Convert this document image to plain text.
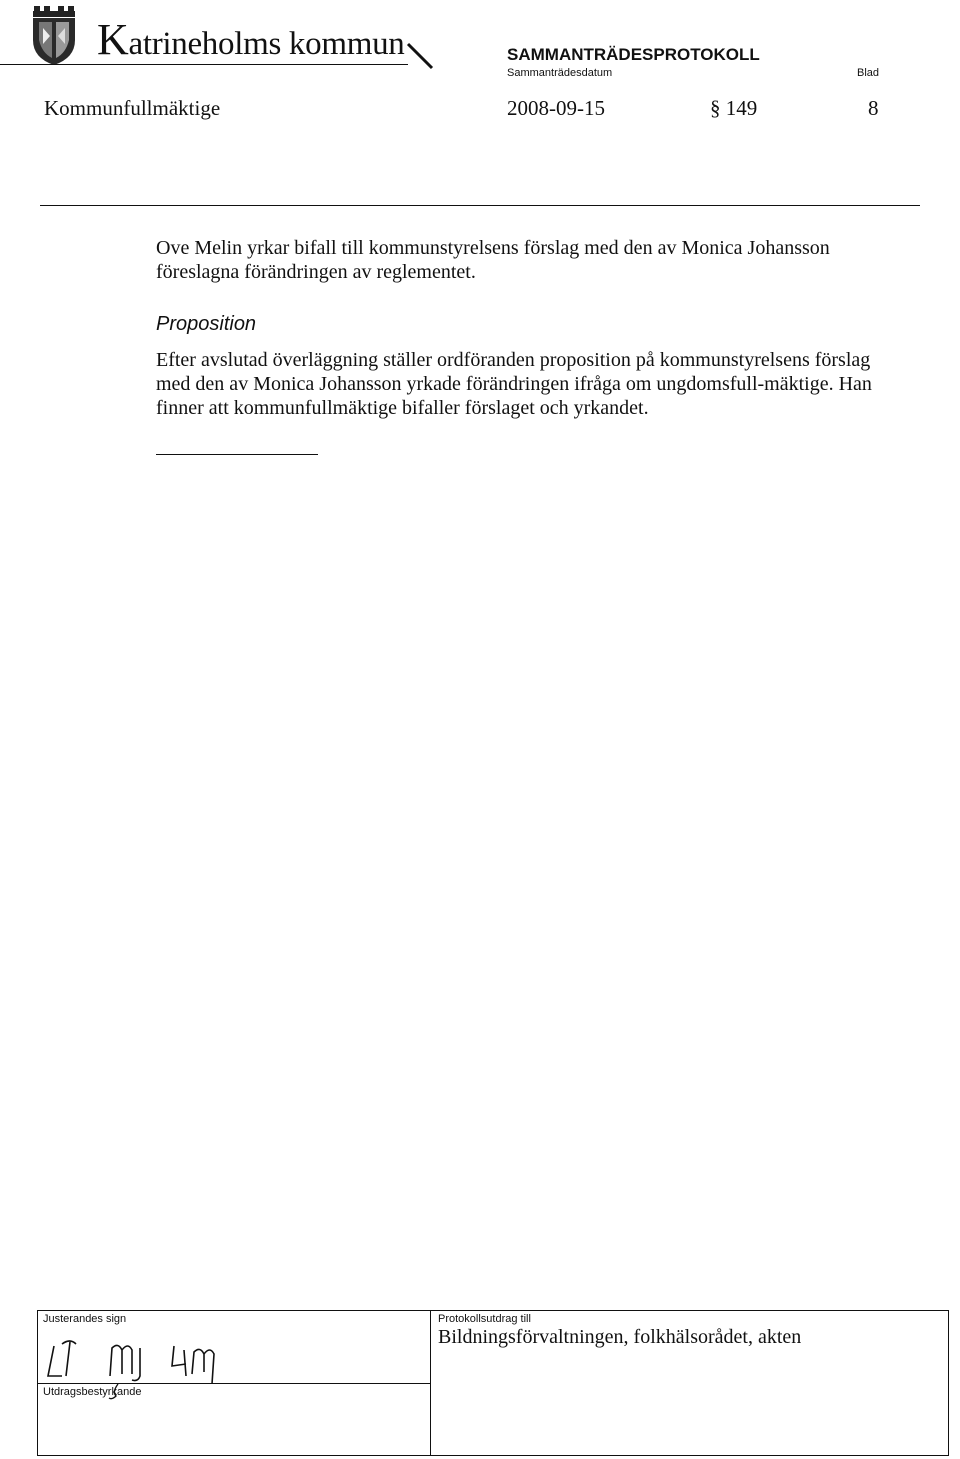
Katrineholms kommun	SAMMANTRÄDESPROTOKOLL
Sammanträdesdatum	Blad
Kommunfullmäktige	2008-09-15	§ 149	8
Ove Melin yrkar bifall till kommunstyrelsens förslag med den av Monica Johansson föreslagna förändringen av reglementet.
Proposition
Efter avslutad överläggning ställer ordföranden proposition på kommunstyrelsens förslag med den av Monica Johansson yrkade förändringen ifråga om ungdomsfull-mäktige. Han finner att kommunfullmäktige bifaller förslaget och yrkandet.
Justerandes sign
Utdragsbestyrkande
Protokollsutdrag till
Bildningsförvaltningen, folkhälsorådet, akten
